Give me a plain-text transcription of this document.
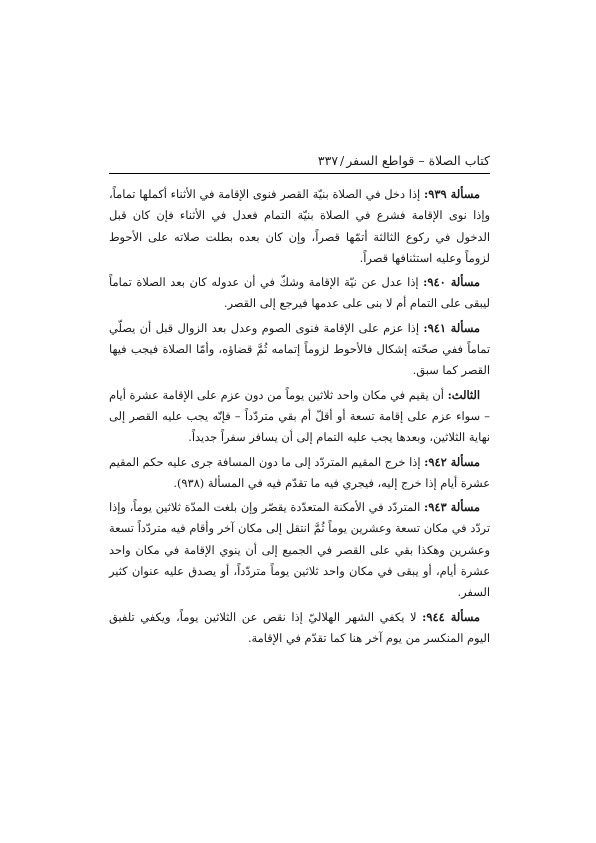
كتاب الصلاة – قواطع السفر/٣٣٧

مسألة ٩٣٩: إذا دخل في الصلاة بنيّة القصر فنوى الإقامة في الأثناء أكملها تماماً، وإذا نوى الإقامة فشرع في الصلاة بنيّة التمام فعدل في الأثناء فإن كان قبل الدخول في ركوع الثالثة أتمّها قصراً، وإن كان بعده بطلت صلاته على الأحوط لزوماً وعليه استئنافها قصراً.

مسألة ٩٤٠: إذا عدل عن نيّة الإقامة وشكّ في أن عدوله كان بعد الصلاة تماماً ليبقى على التمام أم لا بنى على عدمها فيرجع إلى القصر.

مسألة ٩٤١: إذا عزم على الإقامة فنوى الصوم وعدل بعد الزوال قبل أن يصلّي تماماً ففي صحّته إشكال فالأحوط لزوماً إتمامه ثُمَّ قضاؤه، وأمّا الصلاة فيجب فيها القصر كما سبق.

الثالث: أن يقيم في مكان واحد ثلاثين يوماً من دون عزم على الإقامة عشرة أيام – سواء عزم على إقامة تسعة أو أقلّ أم بقي متردّداً – فإنّه يجب عليه القصر إلى نهاية الثلاثين، وبعدها يجب عليه التمام إلى أن يسافر سفراً جديداً.

مسألة ٩٤٢: إذا خرج المقيم المتردّد إلى ما دون المسافة جرى عليه حكم المقيم عشرة أيام إذا خرج إليه، فيجري فيه ما تقدّم فيه في المسألة (٩٣٨).

مسألة ٩٤٣: المتردّد في الأمكنة المتعدّدة يقصّر وإن بلغت المدّة ثلاثين يوماً، وإذا تردّد في مكان تسعة وعشرين يوماً ثُمَّ انتقل إلى مكان آخر وأقام فيه متردّداً تسعة وعشرين وهكذا بقي على القصر في الجميع إلى أن ينوي الإقامة في مكان واحد عشرة أيام، أو يبقى في مكان واحد ثلاثين يوماً متردّداً، أو يصدق عليه عنوان كثير السفر.

مسألة ٩٤٤: لا يكفي الشهر الهلاليّ إذا نقص عن الثلاثين يوماً، ويكفي تلفيق اليوم المنكسر من يوم آخر هنا كما تقدّم في الإقامة.
